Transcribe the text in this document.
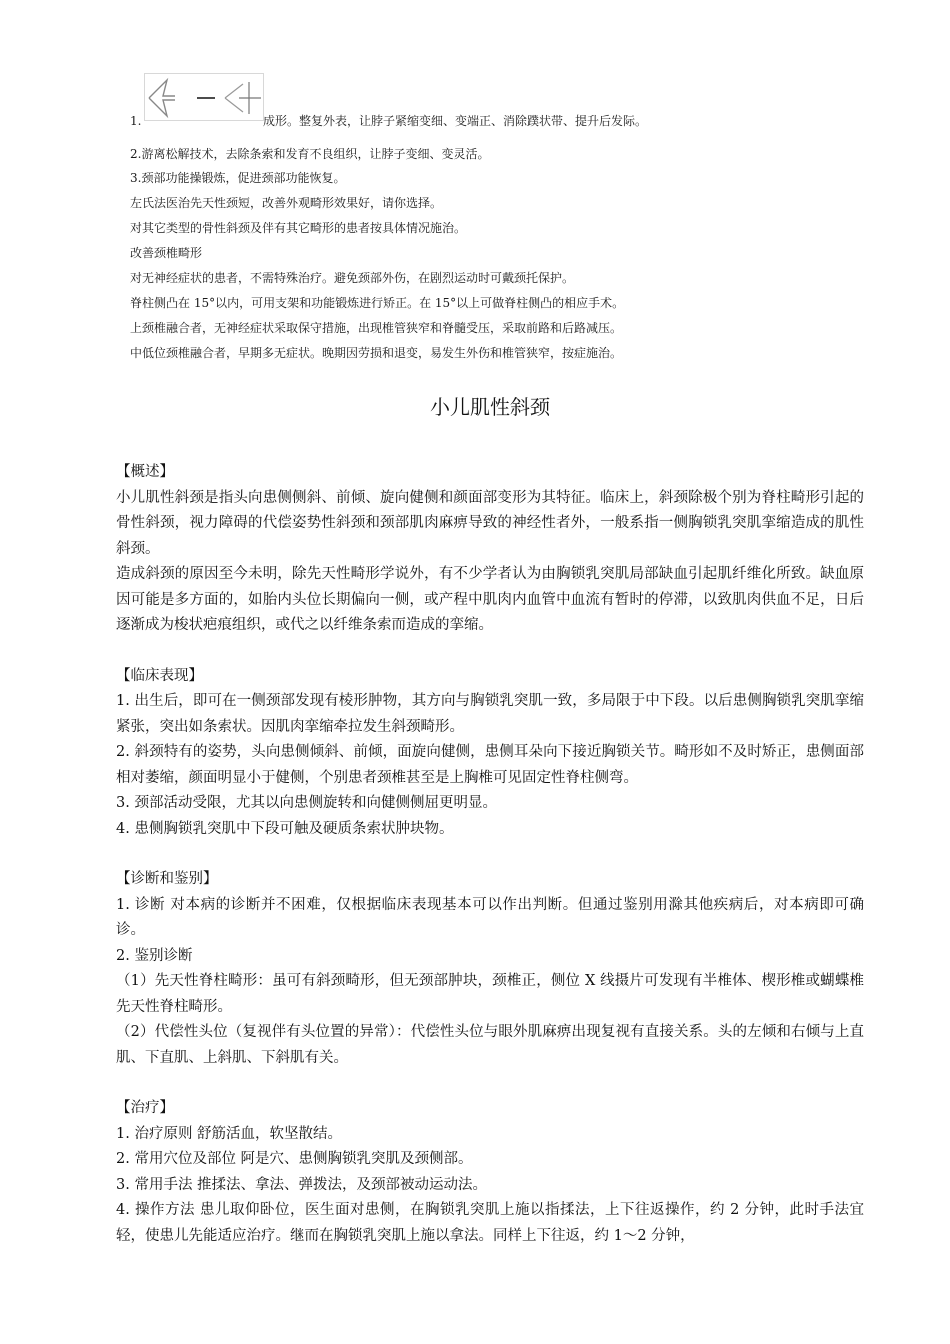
1.	成形。整复外表，让脖子紧缩变细、变端正、消除蹼状带、提升后发际。
2.游离松解技术，去除条索和发育不良组织，让脖子变细、变灵活。
3.颈部功能操锻炼，促进颈部功能恢复。
左氏法医治先天性颈短，改善外观畸形效果好，请你选择。
对其它类型的骨性斜颈及伴有其它畸形的患者按具体情况施治。
改善颈椎畸形
对无神经症状的患者，不需特殊治疗。避免颈部外伤，在剧烈运动时可戴颈托保护。
脊柱侧凸在 15°以内，可用支架和功能锻炼进行矫正。在 15°以上可做脊柱侧凸的相应手术。
上颈椎融合者，无神经症状采取保守措施，出现椎管狭窄和脊髓受压，采取前路和后路减压。
中低位颈椎融合者，早期多无症状。晚期因劳损和退变，易发生外伤和椎管狭窄，按症施治。
小儿肌性斜颈

【概述】

小儿肌性斜颈是指头向患侧侧斜、前倾、旋向健侧和颜面部变形为其特征。临床上，斜颈除极个别为脊柱畸形引起的骨性斜颈，视力障碍的代偿姿势性斜颈和颈部肌肉麻痹导致的神经性者外，一般系指一侧胸锁乳突肌挛缩造成的肌性斜颈。

造成斜颈的原因至今未明，除先天性畸形学说外，有不少学者认为由胸锁乳突肌局部缺血引起肌纤维化所致。缺血原因可能是多方面的，如胎内头位长期偏向一侧，或产程中肌肉内血管中血流有暂时的停滞，以致肌肉供血不足，日后逐渐成为梭状疤痕组织，或代之以纤维条索而造成的挛缩。

【临床表现】

1. 出生后，即可在一侧颈部发现有棱形肿物，其方向与胸锁乳突肌一致，多局限于中下段。以后患侧胸锁乳突肌挛缩紧张，突出如条索状。因肌肉挛缩牵拉发生斜颈畸形。

2. 斜颈特有的姿势，头向患侧倾斜、前倾，面旋向健侧，患侧耳朵向下接近胸锁关节。畸形如不及时矫正，患侧面部相对萎缩，颜面明显小于健侧，个别患者颈椎甚至是上胸椎可见固定性脊柱侧弯。

3. 颈部活动受限，尤其以向患侧旋转和向健侧侧屈更明显。

4. 患侧胸锁乳突肌中下段可触及硬质条索状肿块物。

【诊断和鉴别】

1. 诊断 对本病的诊断并不困难，仅根据临床表现基本可以作出判断。但通过鉴别用滁其他疾病后，对本病即可确诊。

2. 鉴别诊断

（1）先天性脊柱畸形：虽可有斜颈畸形，但无颈部肿块，颈椎正，侧位 X 线摄片可发现有半椎体、楔形椎或蝴蝶椎先天性脊柱畸形。

（2）代偿性头位（复视伴有头位置的异常）：代偿性头位与眼外肌麻痹出现复视有直接关系。头的左倾和右倾与上直肌、下直肌、上斜肌、下斜肌有关。

【治疗】

1. 治疗原则 舒筋活血，软坚散结。

2. 常用穴位及部位 阿是穴、患侧胸锁乳突肌及颈侧部。

3. 常用手法 推揉法、拿法、弹拨法，及颈部被动运动法。

4. 操作方法 患儿取仰卧位，医生面对患侧，在胸锁乳突肌上施以指揉法，上下往返操作，约 2 分钟，此时手法宜轻，使患儿先能适应治疗。继而在胸锁乳突肌上施以拿法。同样上下往返，约 1～2 分钟，
